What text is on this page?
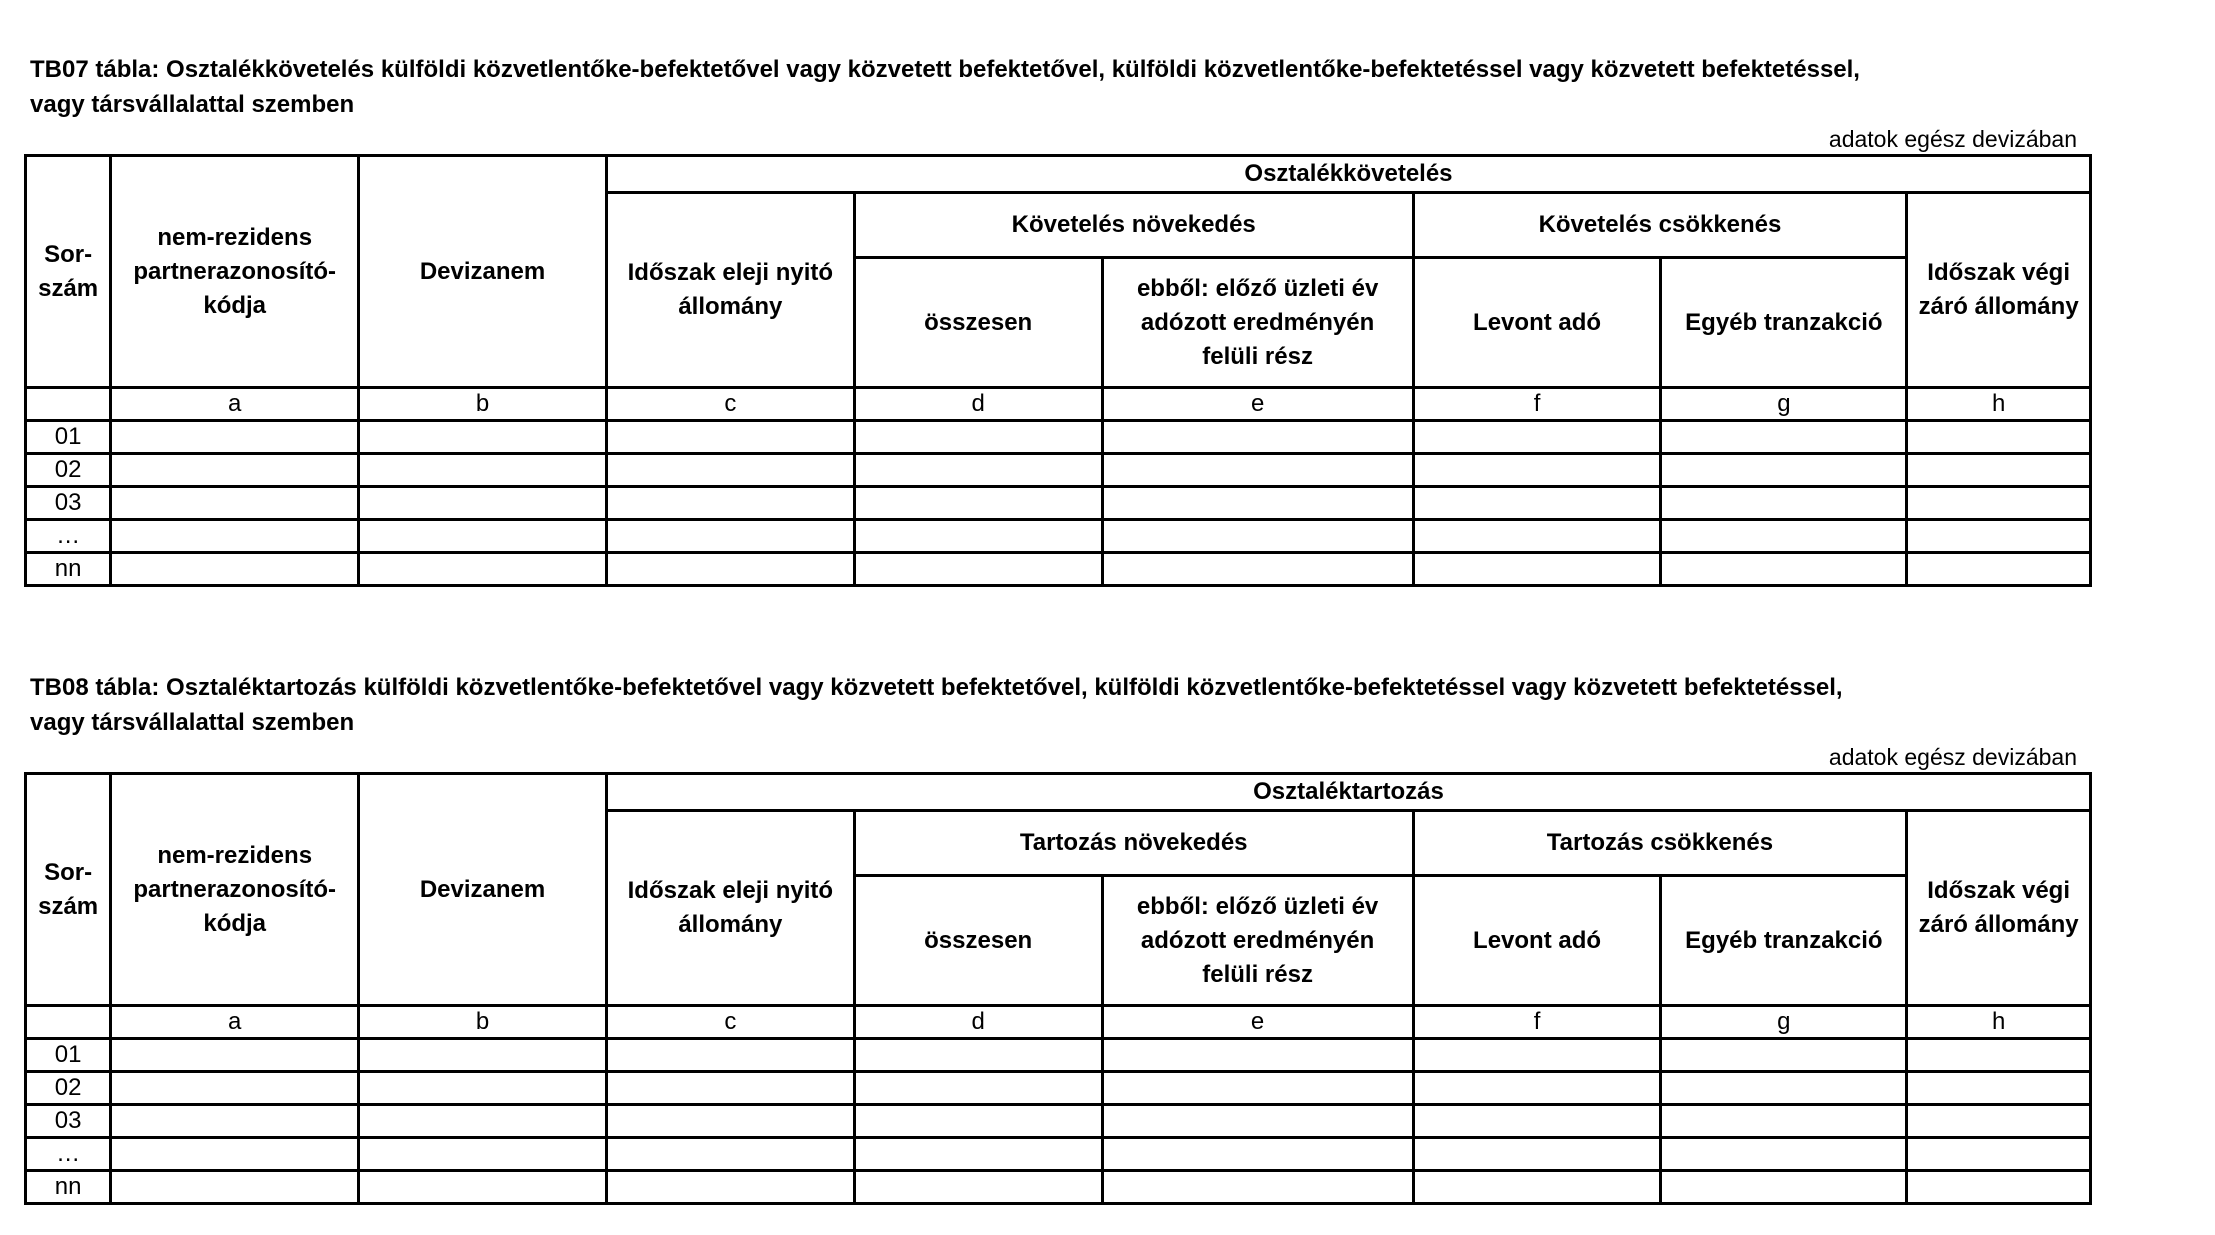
TB07 tábla: Osztalékkövetelés külföldi közvetlentőke-befektetővel vagy közvetett befektetővel, külföldi közvetlentőke-befektetéssel vagy közvetett befektetéssel,
vagy társvállalattal szemben
adatok egész devizában
Sor-szám	nem-rezidens partnerazonosító-kódja	Devizanem	Osztalékkövetelés					
			Időszak eleji nyitó állomány	Követelés növekedés		Követelés csökkenés		Időszak végi záró állomány
				összesen	ebből: előző üzleti év adózott eredményén felüli rész	Levont adó	Egyéb tranzakció	
	a	b	c	d	e	f	g	h
01								
02								
03								
…								
nn								
TB08 tábla: Osztaléktartozás külföldi közvetlentőke-befektetővel vagy közvetett befektetővel, külföldi közvetlentőke-befektetéssel vagy közvetett befektetéssel,
vagy társvállalattal szemben
adatok egész devizában
Sor-szám	nem-rezidens partnerazonosító-kódja	Devizanem	Osztaléktartozás					
			Időszak eleji nyitó állomány	Tartozás növekedés		Tartozás csökkenés		Időszak végi záró állomány
				összesen	ebből: előző üzleti év adózott eredményén felüli rész	Levont adó	Egyéb tranzakció	
	a	b	c	d	e	f	g	h
01								
02								
03								
…								
nn								
